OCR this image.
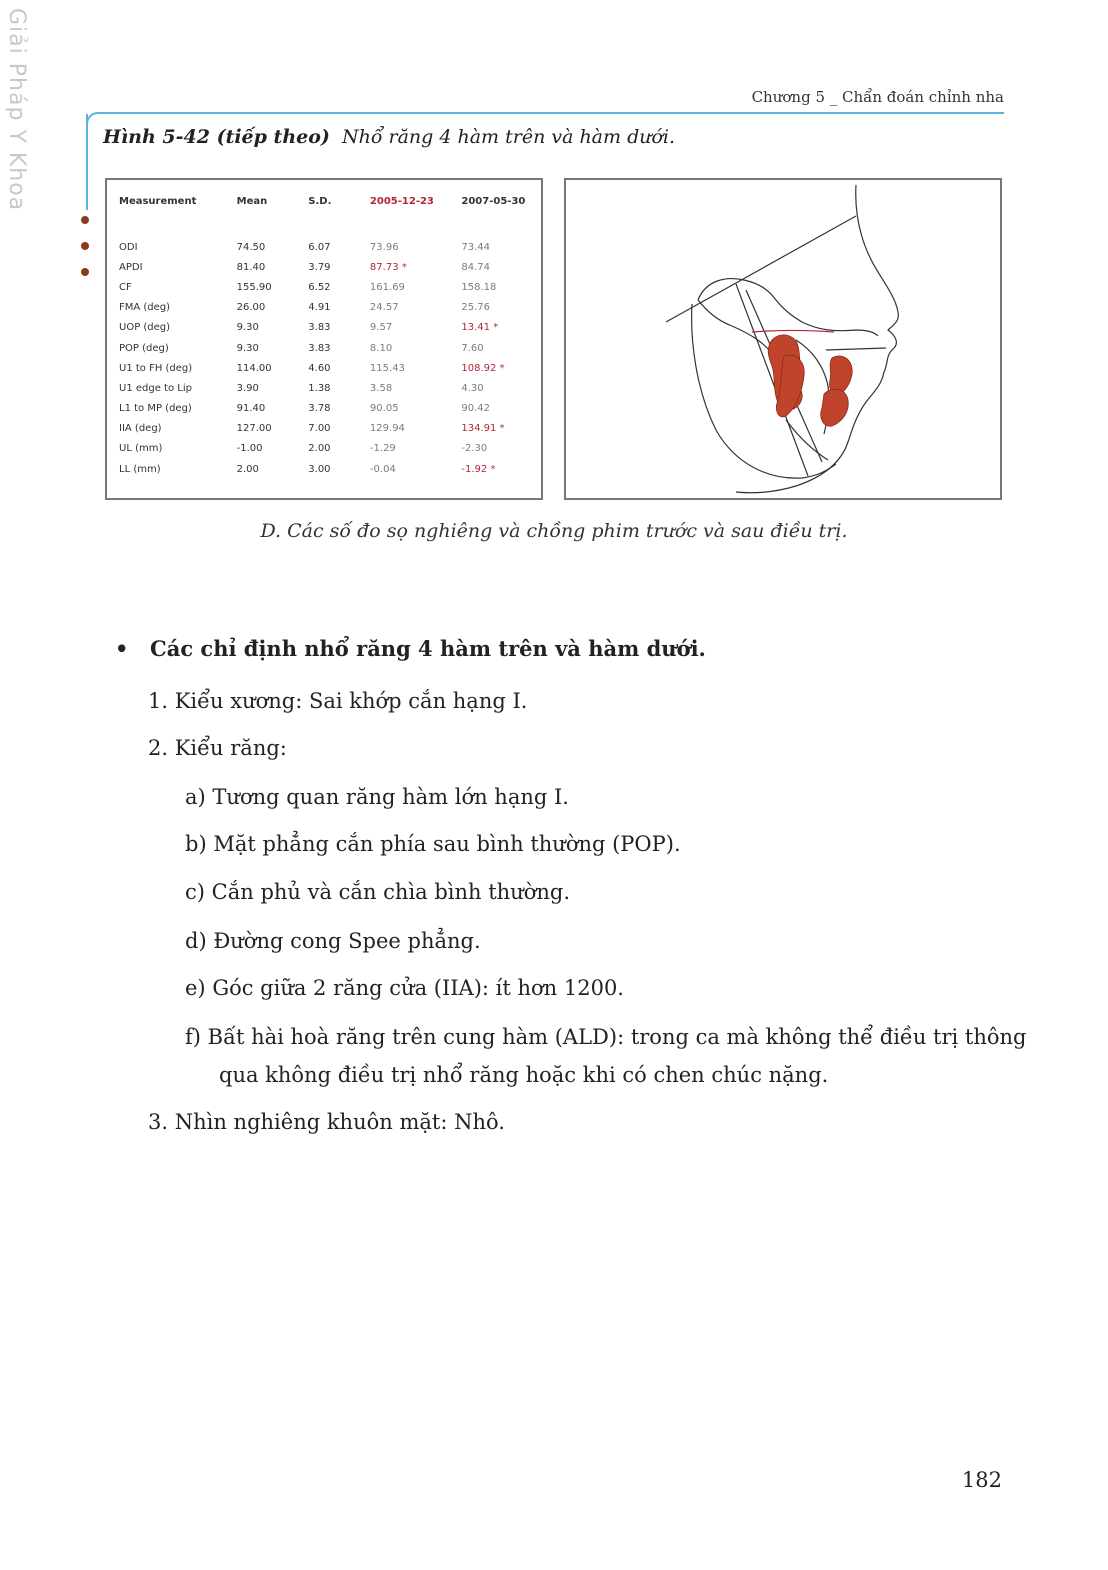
Giải Pháp Y Khoa	Chương 5 _ Chẩn đoán chỉnh nha
Hình 5-42 (tiếp theo) Nhổ răng 4 hàm trên và hàm dưới.
Measurement	Mean	S.D.	2005-12-23	2007-05-30
ODI	74.50	6.07	73.96	73.44
APDI	81.40	3.79	87.73 *	84.74
CF	155.90	6.52	161.69	158.18
FMA (deg)	26.00	4.91	24.57	25.76
UOP (deg)	9.30	3.83	9.57	13.41 *
POP (deg)	9.30	3.83	8.10	7.60
U1 to FH (deg)	114.00	4.60	115.43	108.92 *
U1 edge to Lip	3.90	1.38	3.58	4.30
L1 to MP (deg)	91.40	3.78	90.05	90.42
IIA (deg)	127.00	7.00	129.94	134.91 *
UL (mm)	-1.00	2.00	-1.29	-2.30
LL (mm)	2.00	3.00	-0.04	-1.92 *
D. Các số đo sọ nghiêng và chồng phim trước và sau điều trị.
• Các chỉ định nhổ răng 4 hàm trên và hàm dưới.
1. Kiểu xương: Sai khớp cắn hạng I.
2. Kiểu răng:
a) Tương quan răng hàm lớn hạng I.
b) Mặt phẳng cắn phía sau bình thường (POP).
c) Cắn phủ và cắn chìa bình thường.
d) Đường cong Spee phẳng.
e) Góc giữa 2 răng cửa (IIA): ít hơn 1200.
f) Bất hài hoà răng trên cung hàm (ALD): trong ca mà không thể điều trị thông
qua không điều trị nhổ răng hoặc khi có chen chúc nặng.
3. Nhìn nghiêng khuôn mặt: Nhô.
182
